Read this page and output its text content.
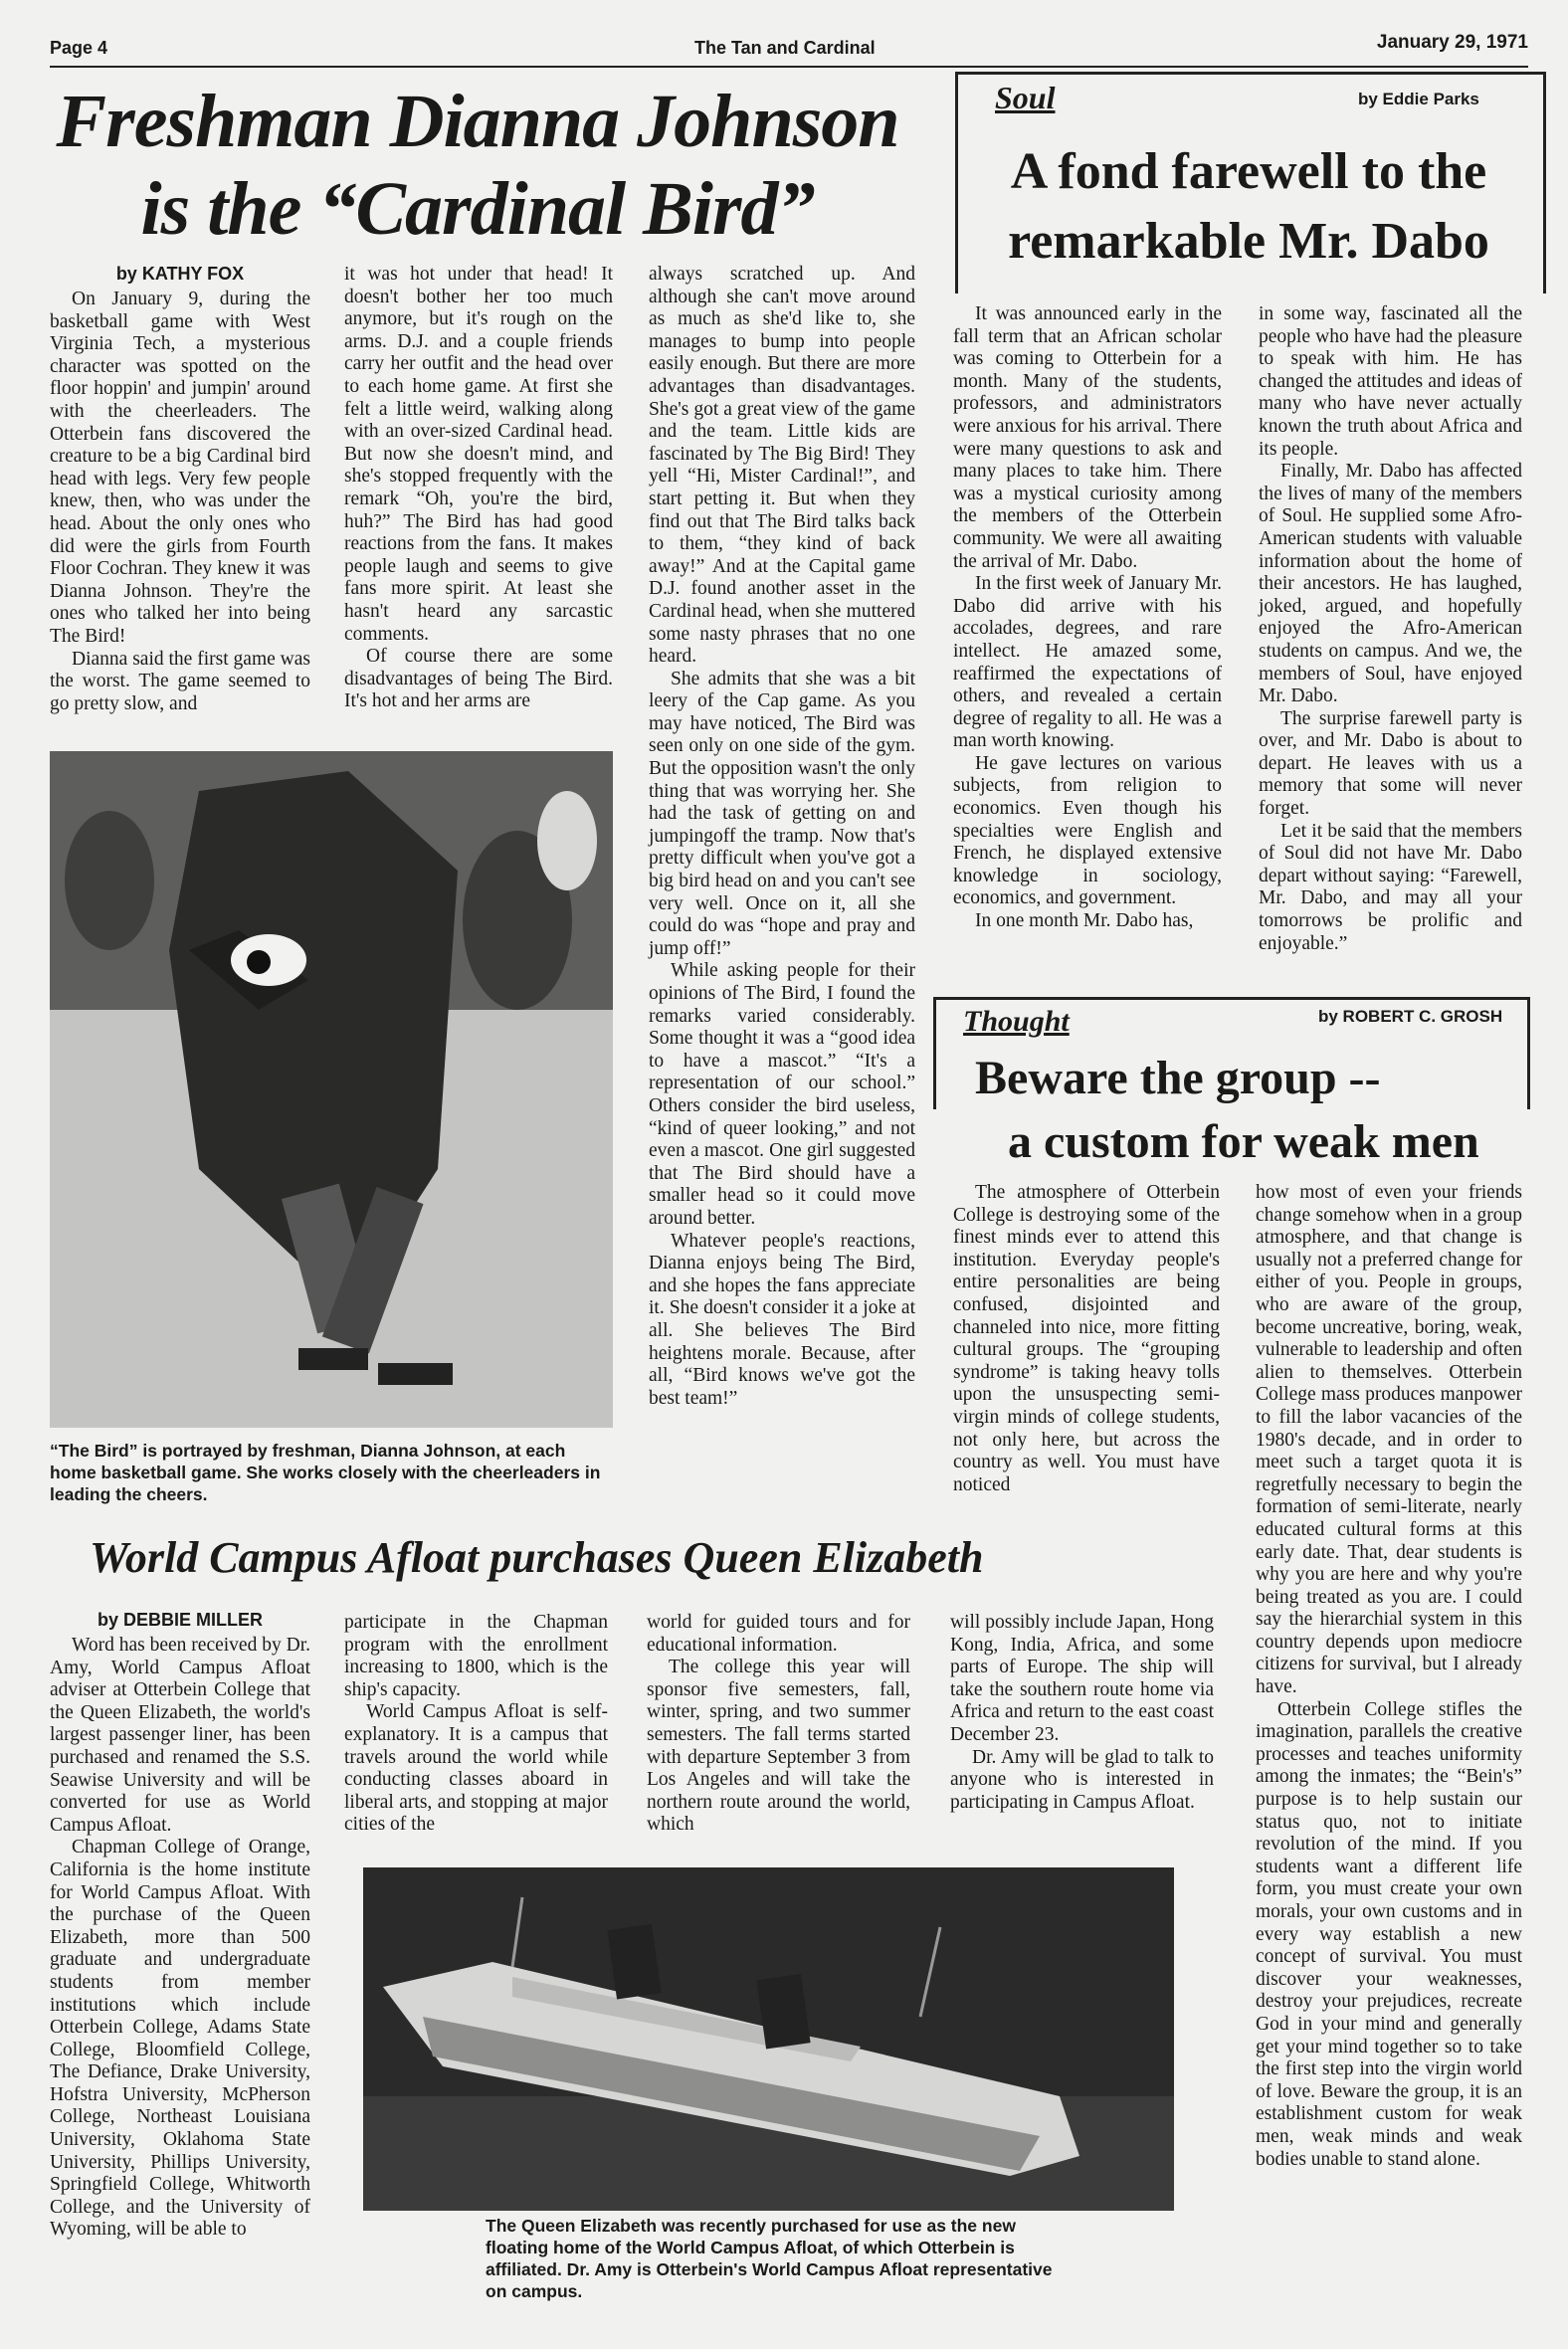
Page 4	The Tan and Cardinal	January 29, 1971
Freshman Dianna Johnson
is the “Cardinal Bird”
by KATHY FOX

On January 9, during the basketball game with West Virginia Tech, a mysterious character was spotted on the floor hoppin' and jumpin' around with the cheerleaders. The Otterbein fans discovered the creature to be a big Cardinal bird head with legs. Very few people knew, then, who was under the head. About the only ones who did were the girls from Fourth Floor Cochran. They knew it was Dianna Johnson. They're the ones who talked her into being The Bird!

Dianna said the first game was the worst. The game seemed to go pretty slow, and

it was hot under that head! It doesn't bother her too much anymore, but it's rough on the arms. D.J. and a couple friends carry her outfit and the head over to each home game. At first she felt a little weird, walking along with an over-sized Cardinal head. But now she doesn't mind, and she's stopped frequently with the remark “Oh, you're the bird, huh?” The Bird has had good reactions from the fans. It makes people laugh and seems to give fans more spirit. At least she hasn't heard any sarcastic comments.

Of course there are some disadvantages of being The Bird. It's hot and her arms are

always scratched up. And although she can't move around as much as she'd like to, she manages to bump into people easily enough. But there are more advantages than disadvantages. She's got a great view of the game and the team. Little kids are fascinated by The Big Bird! They yell “Hi, Mister Cardinal!”, and start petting it. But when they find out that The Bird talks back to them, “they kind of back away!” And at the Capital game D.J. found another asset in the Cardinal head, when she muttered some nasty phrases that no one heard.

She admits that she was a bit leery of the Cap game. As you may have noticed, The Bird was seen only on one side of the gym. But the opposition wasn't the only thing that was worrying her. She had the task of getting on and jumpingoff the tramp. Now that's pretty difficult when you've got a big bird head on and you can't see very well. Once on it, all she could do was “hope and pray and jump off!”

While asking people for their opinions of The Bird, I found the remarks varied considerably. Some thought it was a “good idea to have a mascot.” “It's a representation of our school.” Others consider the bird useless, “kind of queer looking,” and not even a mascot. One girl suggested that The Bird should have a smaller head so it could move around better.

Whatever people's reactions, Dianna enjoys being The Bird, and she hopes the fans appreciate it. She doesn't consider it a joke at all. She believes The Bird heightens morale. Because, after all, “Bird knows we've got the best team!”

“The Bird” is portrayed by freshman, Dianna Johnson, at each home basketball game. She works closely with the cheerleaders in leading the cheers.
Soul	by Eddie Parks
A fond farewell to the
remarkable Mr. Dabo

It was announced early in the fall term that an African scholar was coming to Otterbein for a month. Many of the students, professors, and administrators were anxious for his arrival. There were many questions to ask and many places to take him. There was a mystical curiosity among the members of the Otterbein community. We were all awaiting the arrival of Mr. Dabo.

In the first week of January Mr. Dabo did arrive with his accolades, degrees, and rare intellect. He amazed some, reaffirmed the expectations of others, and revealed a certain degree of regality to all. He was a man worth knowing.

He gave lectures on various subjects, from religion to economics. Even though his specialties were English and French, he displayed extensive knowledge in sociology, economics, and government.

In one month Mr. Dabo has,

in some way, fascinated all the people who have had the pleasure to speak with him. He has changed the attitudes and ideas of many who have never actually known the truth about Africa and its people.

Finally, Mr. Dabo has affected the lives of many of the members of Soul. He supplied some Afro-American students with valuable information about the home of their ancestors. He has laughed, joked, argued, and hopefully enjoyed the Afro-American students on campus. And we, the members of Soul, have enjoyed Mr. Dabo.

The surprise farewell party is over, and Mr. Dabo is about to depart. He leaves with us a memory that some will never forget.

Let it be said that the members of Soul did not have Mr. Dabo depart without saying: “Farewell, Mr. Dabo, and may all your tomorrows be prolific and enjoyable.”

Thought	by ROBERT C. GROSH
Beware the group --
a custom for weak men

The atmosphere of Otterbein College is destroying some of the finest minds ever to attend this institution. Everyday people's entire personalities are being confused, disjointed and channeled into nice, more fitting cultural groups. The “grouping syndrome” is taking heavy tolls upon the unsuspecting semi-virgin minds of college students, not only here, but across the country as well. You must have noticed

how most of even your friends change somehow when in a group atmosphere, and that change is usually not a preferred change for either of you. People in groups, who are aware of the group, become uncreative, boring, weak, vulnerable to leadership and often alien to themselves. Otterbein College mass produces manpower to fill the labor vacancies of the 1980's decade, and in order to meet such a target quota it is regretfully necessary to begin the formation of semi-literate, nearly educated cultural forms at this early date. That, dear students is why you are here and why you're being treated as you are. I could say the hierarchial system in this country depends upon mediocre citizens for survival, but I already have.

Otterbein College stifles the imagination, parallels the creative processes and teaches uniformity among the inmates; the “Bein's” purpose is to help sustain our status quo, not to initiate revolution of the mind. If you students want a different life form, you must create your own morals, your own customs and in every way establish a new concept of survival. You must discover your weaknesses, destroy your prejudices, recreate God in your mind and generally get your mind together so to take the first step into the virgin world of love. Beware the group, it is an establishment custom for weak men, weak minds and weak bodies unable to stand alone.

World Campus Afloat purchases Queen Elizabeth
by DEBBIE MILLER

Word has been received by Dr. Amy, World Campus Afloat adviser at Otterbein College that the Queen Elizabeth, the world's largest passenger liner, has been purchased and renamed the S.S. Seawise University and will be converted for use as World Campus Afloat.

Chapman College of Orange, California is the home institute for World Campus Afloat. With the purchase of the Queen Elizabeth, more than 500 graduate and undergraduate students from member institutions which include Otterbein College, Adams State College, Bloomfield College, The Defiance, Drake University, Hofstra University, McPherson College, Northeast Louisiana University, Oklahoma State University, Phillips University, Springfield College, Whitworth College, and the University of Wyoming, will be able to

participate in the Chapman program with the enrollment increasing to 1800, which is the ship's capacity.

World Campus Afloat is self-explanatory. It is a campus that travels around the world while conducting classes aboard in liberal arts, and stopping at major cities of the

world for guided tours and for educational information.

The college this year will sponsor five semesters, fall, winter, spring, and two summer semesters. The fall terms started with departure September 3 from Los Angeles and will take the northern route around the world, which

will possibly include Japan, Hong Kong, India, Africa, and some parts of Europe. The ship will take the southern route home via Africa and return to the east coast December 23.

Dr. Amy will be glad to talk to anyone who is interested in participating in Campus Afloat.

The Queen Elizabeth was recently purchased for use as the new floating home of the World Campus Afloat, of which Otterbein is affiliated. Dr. Amy is Otterbein's World Campus Afloat representative on campus.
